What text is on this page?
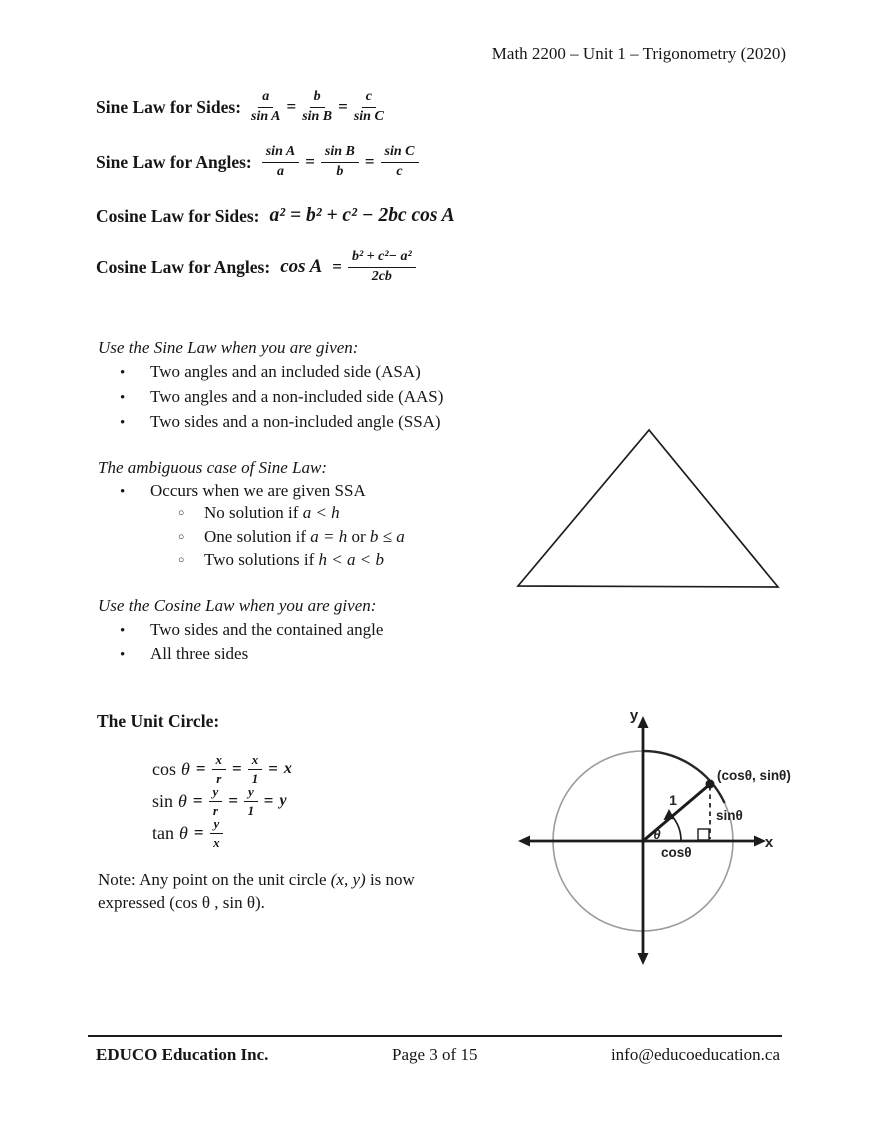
Math 2200 – Unit 1 – Trigonometry (2020)
Sine Law for Sides: $\frac{a}{\text{sin A}} = \frac{b}{\text{sin B}} = \frac{c}{\text{sin C}}$
Sine Law for Angles: $\frac{\text{sin A}}{a} = \frac{\text{sin B}}{b} = \frac{\text{sin C}}{c}$
Cosine Law for Sides: a² = b² + c² − 2bc cos A
Cosine Law for Angles: $\cos A = \frac{\text{b² + c²− a²}}{2cb}$
Use the Sine Law when you are given:
•	Two angles and an included side (ASA)
•	Two angles and a non-included side (AAS)
•	Two sides and a non-included angle (SSA)
The ambiguous case of Sine Law:
•	Occurs when we are given SSA
○	No solution if a < h
○	One solution if a = h or b ≤ a
○	Two solutions if h < a < b
Use the Cosine Law when you are given:
•	Two sides and the contained angle
•	All three sides
The Unit Circle:
$\cos \theta = \frac{x}{r} = \frac{x}{1} = x$
$\sin \theta = \frac{y}{r} = \frac{y}{1} = y$
$\tan \theta = \frac{y}{x}$
Note: Any point on the unit circle (x, y) is now
expressed (cos θ , sin θ).
y
x
(cosθ, sinθ)
1
sinθ
cosθ
θ
EDUCO Education Inc.	Page 3 of 15	info@educoeducation.ca
